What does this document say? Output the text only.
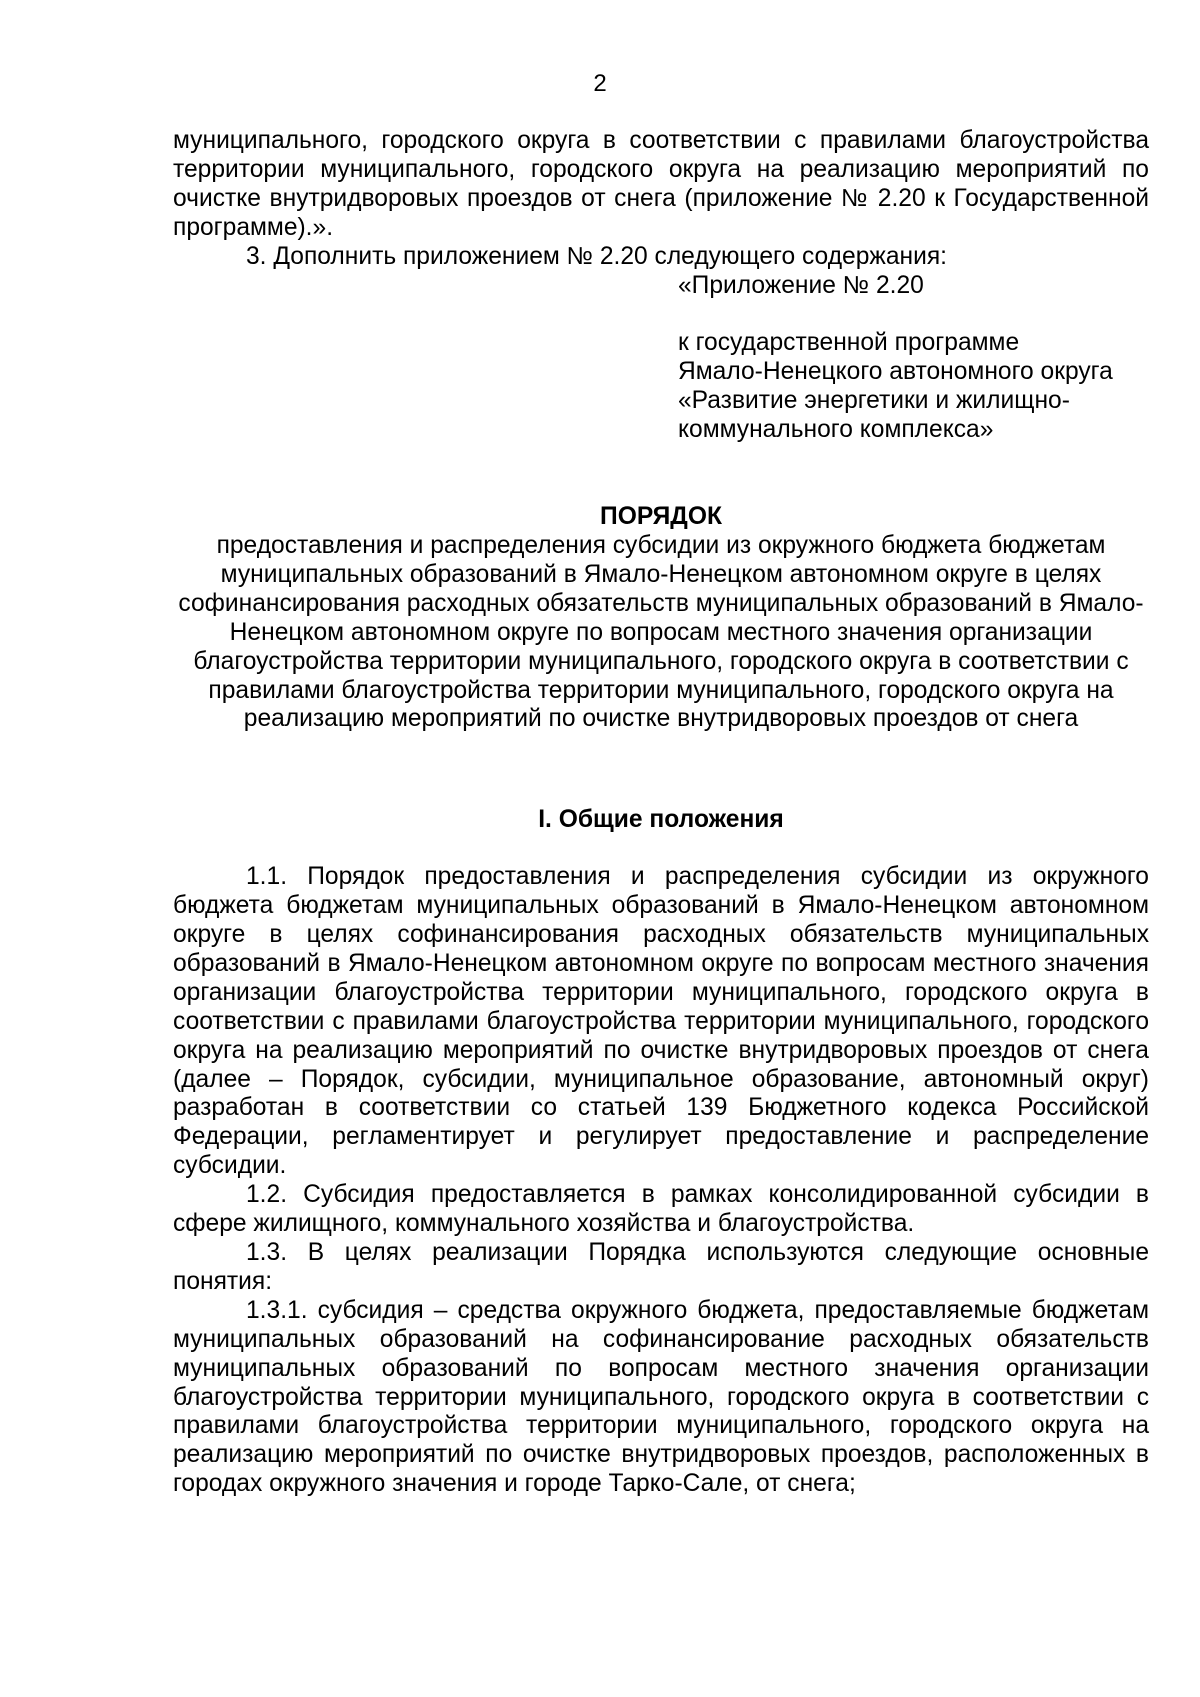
2

муниципального, городского округа в соответствии с правилами благоустройства территории муниципального, городского округа на реализацию мероприятий по очистке внутридворовых проездов от снега (приложение № 2.20 к Государственной программе).».

3. Дополнить приложением № 2.20 следующего содержания:

«Приложение № 2.20

к государственной программе
Ямало-Ненецкого автономного округа
«Развитие энергетики и жилищно-
коммунального комплекса»

ПОРЯДОК

предоставления и распределения субсидии из окружного бюджета бюджетам муниципальных образований в Ямало-Ненецком автономном округе в целях софинансирования расходных обязательств муниципальных образований в Ямало-Ненецком автономном округе по вопросам местного значения организации благоустройства территории муниципального, городского округа в соответствии с правилами благоустройства территории муниципального, городского округа на реализацию мероприятий по очистке внутридворовых проездов от снега

I. Общие положения

1.1. Порядок предоставления и распределения субсидии из окружного бюджета бюджетам муниципальных образований в Ямало-Ненецком автономном округе в целях софинансирования расходных обязательств муниципальных образований в Ямало-Ненецком автономном округе по вопросам местного значения организации благоустройства территории муниципального, городского округа в соответствии с правилами благоустройства территории муниципального, городского округа на реализацию мероприятий по очистке внутридворовых проездов от снега (далее – Порядок, субсидии, муниципальное образование, автономный округ) разработан в соответствии со статьей 139 Бюджетного кодекса Российской Федерации, регламентирует и регулирует предоставление и распределение субсидии.

1.2. Субсидия предоставляется в рамках консолидированной субсидии в сфере жилищного, коммунального хозяйства и благоустройства.

1.3. В целях реализации Порядка используются следующие основные понятия:

1.3.1. субсидия – средства окружного бюджета, предоставляемые бюджетам муниципальных образований на софинансирование расходных обязательств муниципальных образований по вопросам местного значения организации благоустройства территории муниципального, городского округа в соответствии с правилами благоустройства территории муниципального, городского округа на реализацию мероприятий по очистке внутридворовых проездов, расположенных в городах окружного значения и городе Тарко-Сале, от снега;
